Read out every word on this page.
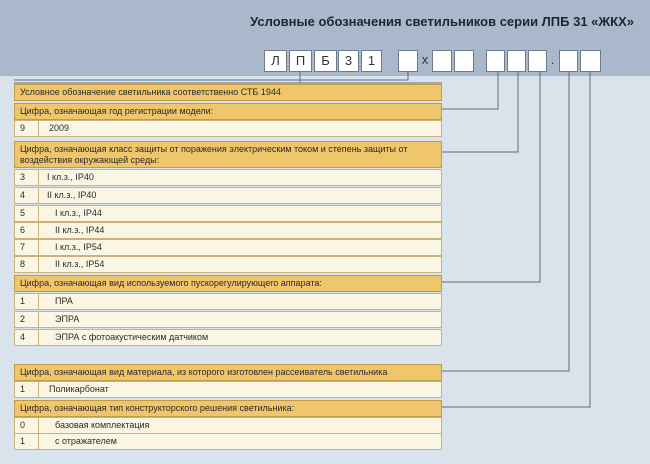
Условные обозначения светильников серии ЛПБ 31 «ЖКХ»
Л	П	Б	3	1	х	.
Условное обозначение светильника соответственно СТБ 1944
Цифра, означающая год регистрации модели:
9	2009
Цифра, означающая класс защиты от поражения электрическим током и степень защиты от воздействия окружающей среды:
3 I кл.з., IP40
4 II кл.з., IP40
5	I кл.з., IP44
6	II кл.з., IP44
7	I кл.з., IP54
8	II кл.з., IP54
Цифра, означающая вид используемого пускорегулирующего аппарата:
1	ПРА
2	ЭПРА
4	ЭПРА с фотоакустическим датчиком
Цифра, означающая вид материала, из которого изготовлен рассеиватель светильника
1	Поликарбонат
Цифра, означающая тип конструкторского решения светильника:
0	базовая комплектация
1	с отражателем
